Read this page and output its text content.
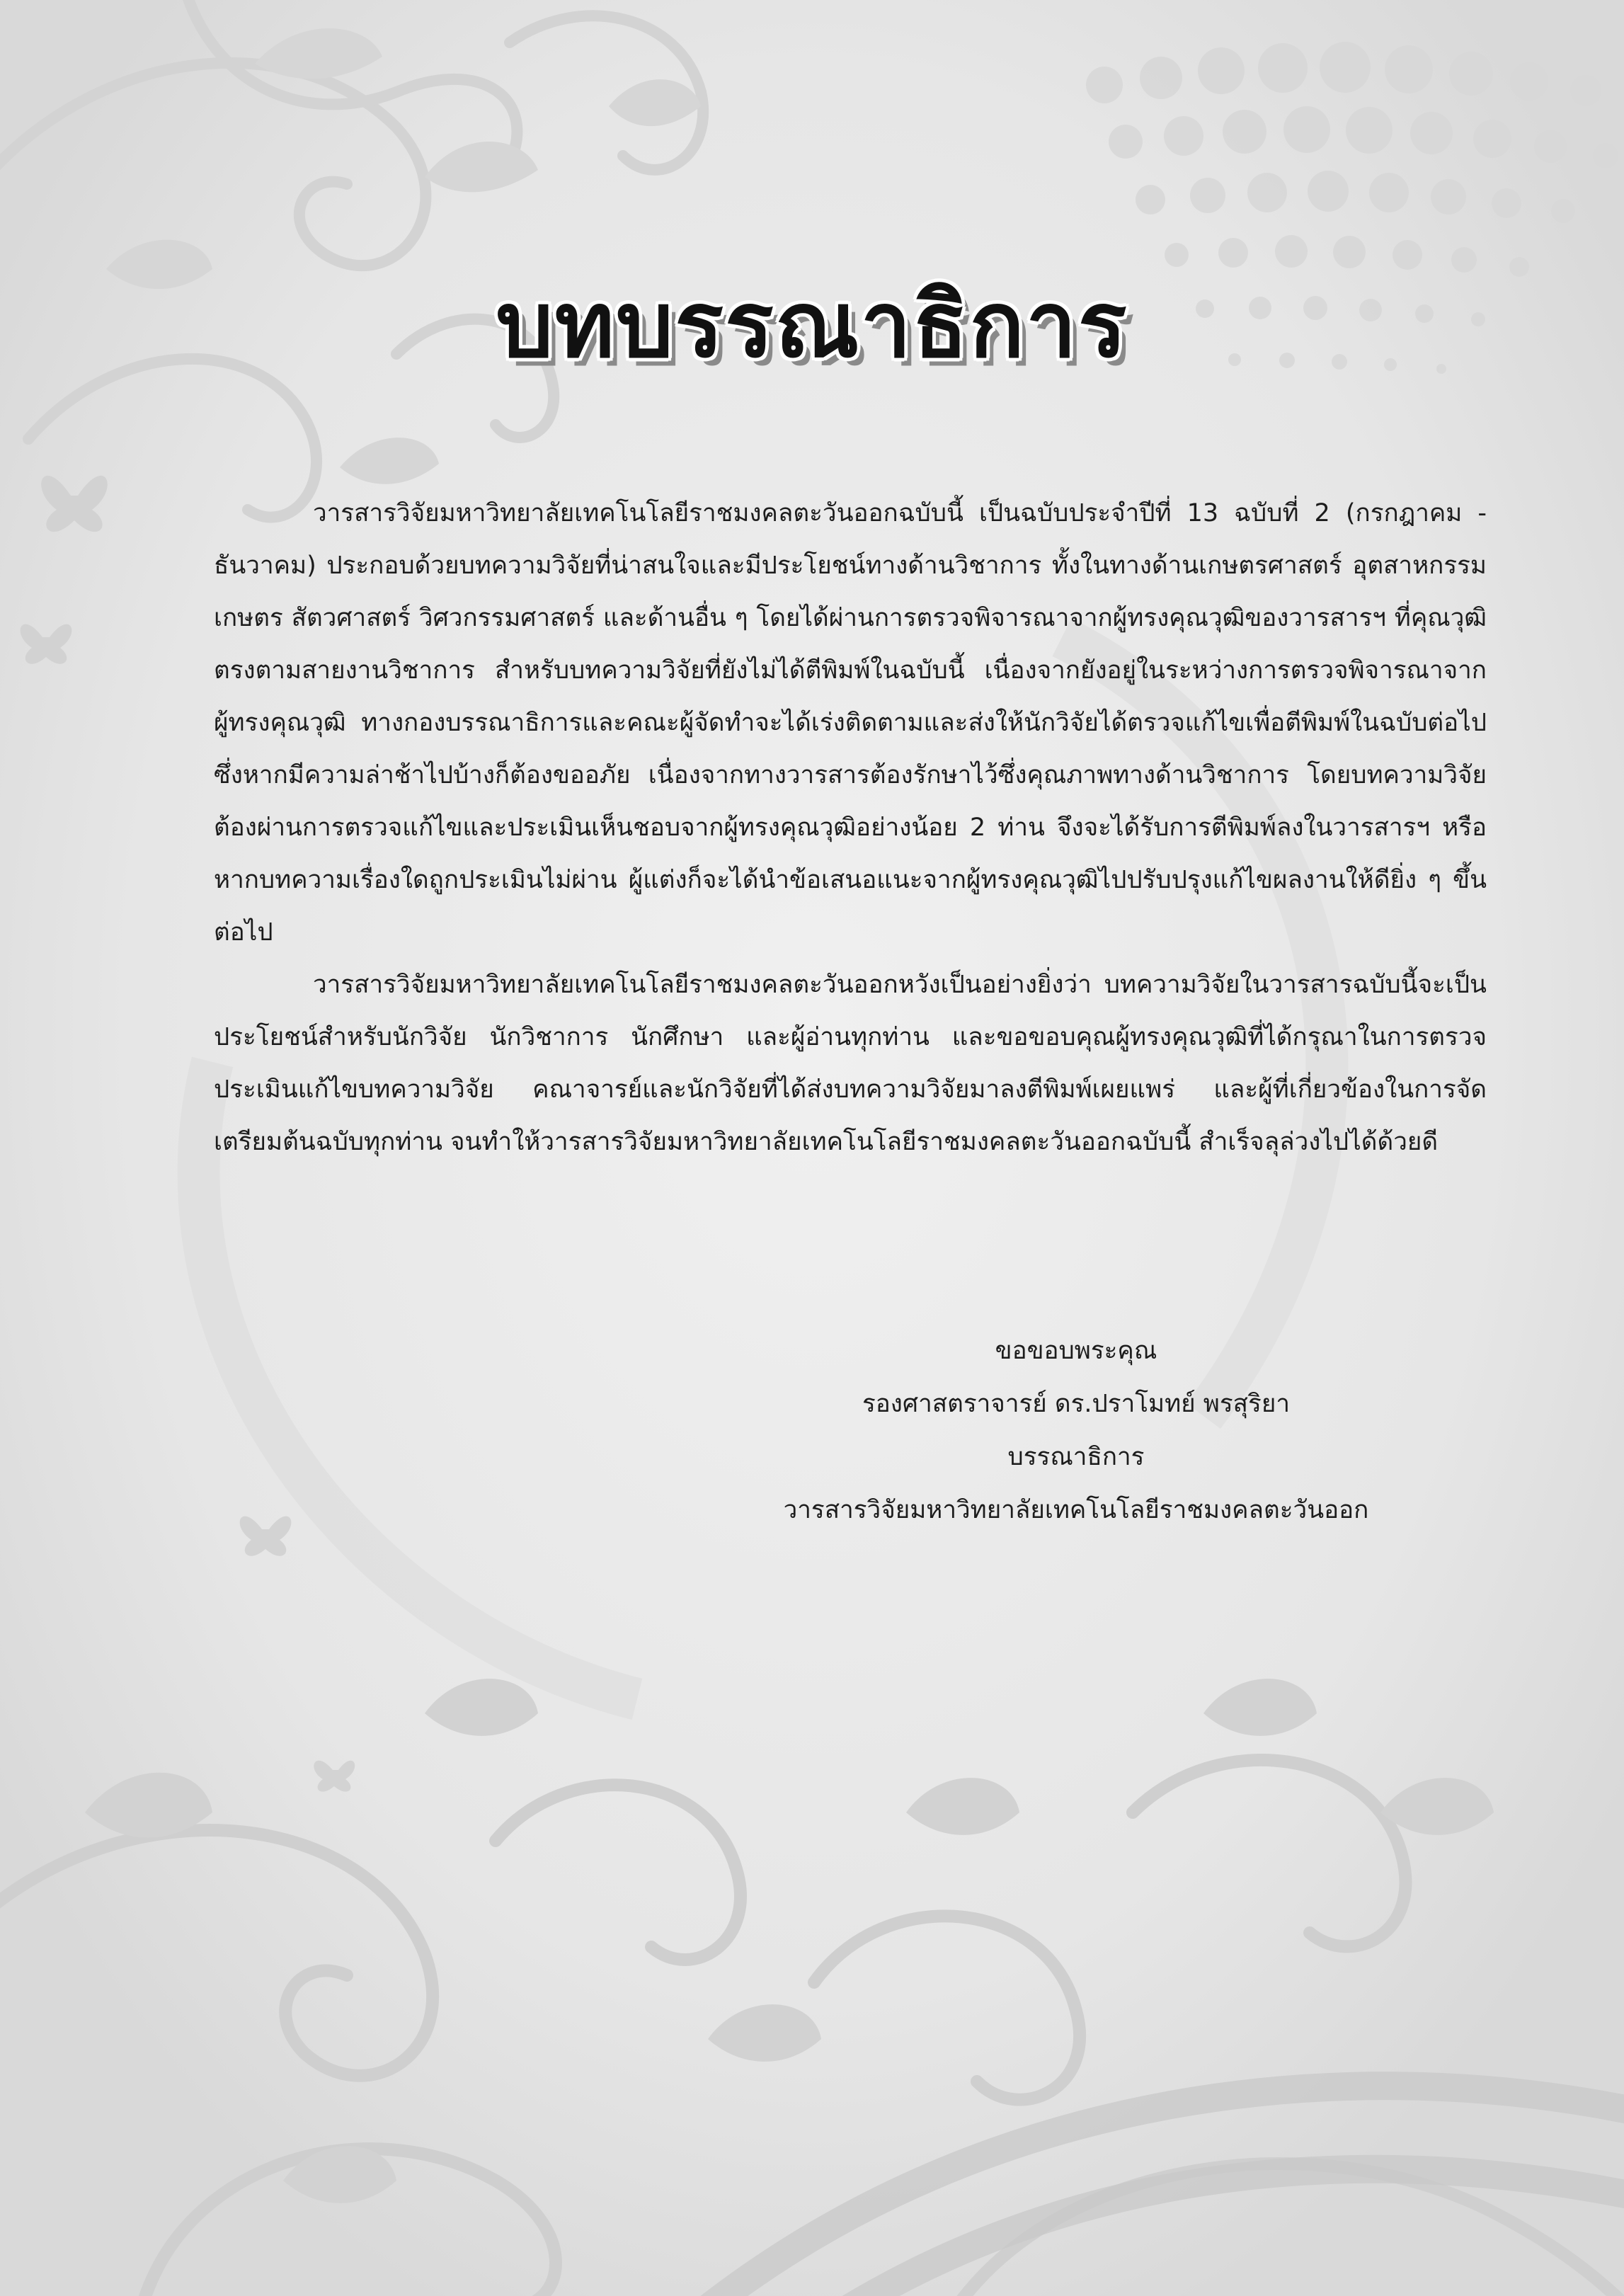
บทบรรณาธิการ

วารสารวิจัยมหาวิทยาลัยเทคโนโลยีราชมงคลตะวันออกฉบับนี้ เป็นฉบับประจำปีที่ 13 ฉบับที่ 2 (กรกฎาคม - ธันวาคม) ประกอบด้วยบทความวิจัยที่น่าสนใจและมีประโยชน์ทางด้านวิชาการ ทั้งในทางด้านเกษตรศาสตร์ อุตสาหกรรมเกษตร สัตวศาสตร์ วิศวกรรมศาสตร์ และด้านอื่น ๆ โดยได้ผ่านการตรวจพิจารณาจากผู้ทรงคุณวุฒิของวารสารฯ ที่คุณวุฒิตรงตามสายงานวิชาการ สำหรับบทความวิจัยที่ยังไม่ได้ตีพิมพ์ในฉบับนี้ เนื่องจากยังอยู่ในระหว่างการตรวจพิจารณาจากผู้ทรงคุณวุฒิ ทางกองบรรณาธิการและคณะผู้จัดทำจะได้เร่งติดตามและส่งให้นักวิจัยได้ตรวจแก้ไขเพื่อตีพิมพ์ในฉบับต่อไป ซึ่งหากมีความล่าช้าไปบ้างก็ต้องขออภัย เนื่องจากทางวารสารต้องรักษาไว้ซึ่งคุณภาพทางด้านวิชาการ โดยบทความวิจัยต้องผ่านการตรวจแก้ไขและประเมินเห็นชอบจากผู้ทรงคุณวุฒิอย่างน้อย 2 ท่าน จึงจะได้รับการตีพิมพ์ลงในวารสารฯ หรือหากบทความเรื่องใดถูกประเมินไม่ผ่าน ผู้แต่งก็จะได้นำข้อเสนอแนะจากผู้ทรงคุณวุฒิไปปรับปรุงแก้ไขผลงานให้ดียิ่ง ๆ ขึ้นต่อไป

วารสารวิจัยมหาวิทยาลัยเทคโนโลยีราชมงคลตะวันออกหวังเป็นอย่างยิ่งว่า บทความวิจัยในวารสารฉบับนี้จะเป็นประโยชน์สำหรับนักวิจัย นักวิชาการ นักศึกษา และผู้อ่านทุกท่าน และขอขอบคุณผู้ทรงคุณวุฒิที่ได้กรุณาในการตรวจประเมินแก้ไขบทความวิจัย คณาจารย์และนักวิจัยที่ได้ส่งบทความวิจัยมาลงตีพิมพ์เผยแพร่ และผู้ที่เกี่ยวข้องในการจัดเตรียมต้นฉบับทุกท่าน จนทำให้วารสารวิจัยมหาวิทยาลัยเทคโนโลยีราชมงคลตะวันออกฉบับนี้ สำเร็จลุล่วงไปได้ด้วยดี

ขอขอบพระคุณ
รองศาสตราจารย์ ดร.ปราโมทย์ พรสุริยา
บรรณาธิการ
วารสารวิจัยมหาวิทยาลัยเทคโนโลยีราชมงคลตะวันออก
